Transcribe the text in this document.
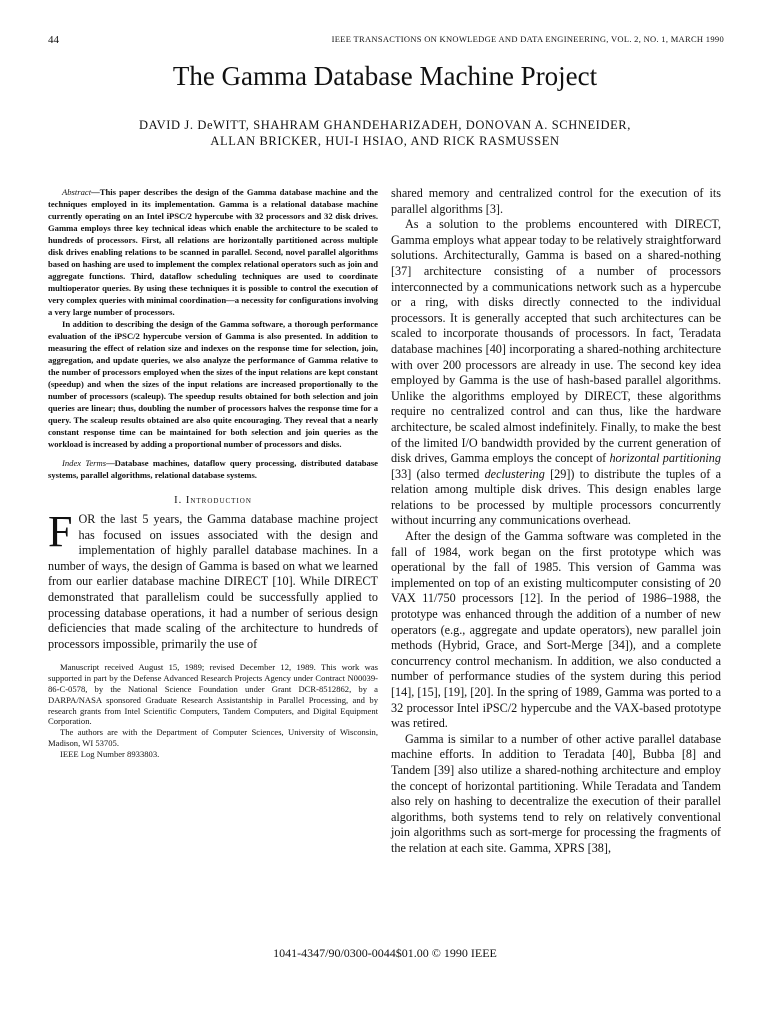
44	IEEE TRANSACTIONS ON KNOWLEDGE AND DATA ENGINEERING, VOL. 2, NO. 1, MARCH 1990
The Gamma Database Machine Project
DAVID J. DeWITT, SHAHRAM GHANDEHARIZADEH, DONOVAN A. SCHNEIDER,
ALLAN BRICKER, HUI-I HSIAO, AND RICK RASMUSSEN

Abstract—This paper describes the design of the Gamma database machine and the techniques employed in its implementation. Gamma is a relational database machine currently operating on an Intel iPSC/2 hypercube with 32 processors and 32 disk drives. Gamma employs three key technical ideas which enable the architecture to be scaled to hundreds of processors. First, all relations are horizontally partitioned across multiple disk drives enabling relations to be scanned in parallel. Second, novel parallel algorithms based on hashing are used to implement the complex relational operators such as join and aggregate functions. Third, dataflow scheduling techniques are used to coordinate multioperator queries. By using these techniques it is possible to control the execution of very complex queries with minimal coordination—a necessity for configurations involving a very large number of processors.

In addition to describing the design of the Gamma software, a thorough performance evaluation of the iPSC/2 hypercube version of Gamma is also presented. In addition to measuring the effect of relation size and indexes on the response time for selection, join, aggregation, and update queries, we also analyze the performance of Gamma relative to the number of processors employed when the sizes of the input relations are kept constant (speedup) and when the sizes of the input relations are increased proportionally to the number of processors (scaleup). The speedup results obtained for both selection and join queries are linear; thus, doubling the number of processors halves the response time for a query. The scaleup results obtained are also quite encouraging. They reveal that a nearly constant response time can be maintained for both selection and join queries as the workload is increased by adding a proportional number of processors and disks.

Index Terms—Database machines, dataflow query processing, distributed database systems, parallel algorithms, relational database systems.

I. Introduction

FOR the last 5 years, the Gamma database machine project has focused on issues associated with the design and implementation of highly parallel database machines. In a number of ways, the design of Gamma is based on what we learned from our earlier database machine DIRECT [10]. While DIRECT demonstrated that parallelism could be successfully applied to processing database operations, it had a number of serious design deficiencies that made scaling of the architecture to hundreds of processors impossible, primarily the use of

Manuscript received August 15, 1989; revised December 12, 1989. This work was supported in part by the Defense Advanced Research Projects Agency under Contract N00039-86-C-0578, by the National Science Foundation under Grant DCR-8512862, by a DARPA/NASA sponsored Graduate Research Assistantship in Parallel Processing, and by research grants from Intel Scientific Computers, Tandem Computers, and Digital Equipment Corporation.

The authors are with the Department of Computer Sciences, University of Wisconsin, Madison, WI 53705.

IEEE Log Number 8933803.

shared memory and centralized control for the execution of its parallel algorithms [3].

As a solution to the problems encountered with DIRECT, Gamma employs what appear today to be relatively straightforward solutions. Architecturally, Gamma is based on a shared-nothing [37] architecture consisting of a number of processors interconnected by a communications network such as a hypercube or a ring, with disks directly connected to the individual processors. It is generally accepted that such architectures can be scaled to incorporate thousands of processors. In fact, Teradata database machines [40] incorporating a shared-nothing architecture with over 200 processors are already in use. The second key idea employed by Gamma is the use of hash-based parallel algorithms. Unlike the algorithms employed by DIRECT, these algorithms require no centralized control and can thus, like the hardware architecture, be scaled almost indefinitely. Finally, to make the best of the limited I/O bandwidth provided by the current generation of disk drives, Gamma employs the concept of horizontal partitioning [33] (also termed declustering [29]) to distribute the tuples of a relation among multiple disk drives. This design enables large relations to be processed by multiple processors concurrently without incurring any communications overhead.

After the design of the Gamma software was completed in the fall of 1984, work began on the first prototype which was operational by the fall of 1985. This version of Gamma was implemented on top of an existing multicomputer consisting of 20 VAX 11/750 processors [12]. In the period of 1986–1988, the prototype was enhanced through the addition of a number of new operators (e.g., aggregate and update operators), new parallel join methods (Hybrid, Grace, and Sort-Merge [34]), and a complete concurrency control mechanism. In addition, we also conducted a number of performance studies of the system during this period [14], [15], [19], [20]. In the spring of 1989, Gamma was ported to a 32 processor Intel iPSC/2 hypercube and the VAX-based prototype was retired.

Gamma is similar to a number of other active parallel database machine efforts. In addition to Teradata [40], Bubba [8] and Tandem [39] also utilize a shared-nothing architecture and employ the concept of horizontal partitioning. While Teradata and Tandem also rely on hashing to decentralize the execution of their parallel algorithms, both systems tend to rely on relatively conventional join algorithms such as sort-merge for processing the fragments of the relation at each site. Gamma, XPRS [38],

1041-4347/90/0300-0044$01.00 © 1990 IEEE
